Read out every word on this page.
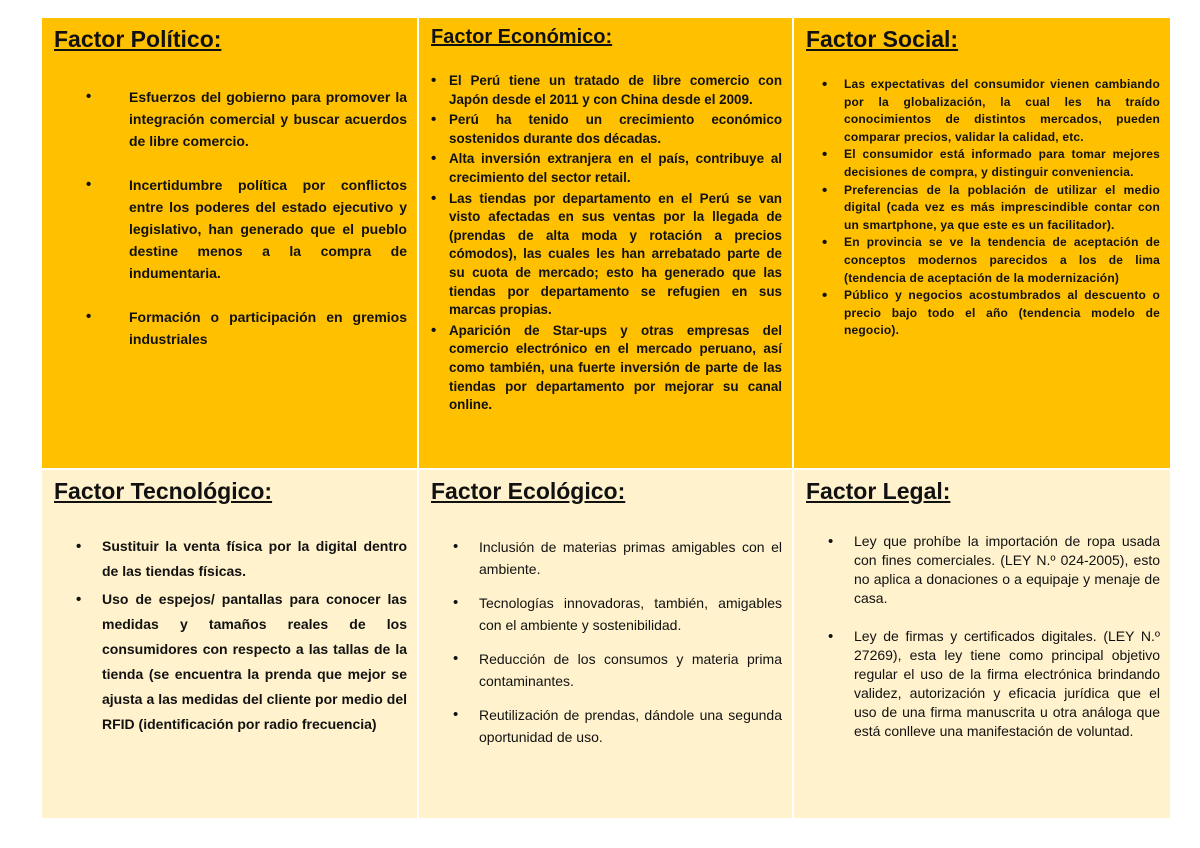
Factor Político:
• Esfuerzos del gobierno para promover la integración comercial y buscar acuerdos de libre comercio.
• Incertidumbre política por conflictos entre los poderes del estado ejecutivo y legislativo, han generado que el pueblo destine menos a la compra de indumentaria.
• Formación o participación en gremios industriales
Factor Económico:
• El Perú tiene un tratado de libre comercio con Japón desde el 2011 y con China desde el 2009.
• Perú ha tenido un crecimiento económico sostenidos durante dos décadas.
• Alta inversión extranjera en el país, contribuye al crecimiento del sector retail.
• Las tiendas por departamento en el Perú se van visto afectadas en sus ventas por la llegada de (prendas de alta moda y rotación a precios cómodos), las cuales les han arrebatado parte de su cuota de mercado; esto ha generado que las tiendas por departamento se refugien en sus marcas propias.
• Aparición de Star-ups y otras empresas del comercio electrónico en el mercado peruano, así como también, una fuerte inversión de parte de las tiendas por departamento por mejorar su canal online.
Factor Social:
• Las expectativas del consumidor vienen cambiando por la globalización, la cual les ha traído conocimientos de distintos mercados, pueden comparar precios, validar la calidad, etc.
• El consumidor está informado para tomar mejores decisiones de compra, y distinguir conveniencia.
• Preferencias de la población de utilizar el medio digital (cada vez es más imprescindible contar con un smartphone, ya que este es un facilitador).
• En provincia se ve la tendencia de aceptación de conceptos modernos parecidos a los de lima (tendencia de aceptación de la modernización)
• Público y negocios acostumbrados al descuento o precio bajo todo el año (tendencia modelo de negocio).
Factor Tecnológico:
• Sustituir la venta física por la digital dentro de las tiendas físicas.
• Uso de espejos/ pantallas para conocer las medidas y tamaños reales de los consumidores con respecto a las tallas de la tienda (se encuentra la prenda que mejor se ajusta a las medidas del cliente por medio del RFID (identificación por radio frecuencia)
Factor Ecológico:
• Inclusión de materias primas amigables con el ambiente.
• Tecnologías innovadoras, también, amigables con el ambiente y sostenibilidad.
• Reducción de los consumos y materia prima contaminantes.
• Reutilización de prendas, dándole una segunda oportunidad de uso.
Factor Legal:
• Ley que prohíbe la importación de ropa usada con fines comerciales. (LEY N.º 024-2005), esto no aplica a donaciones o a equipaje y menaje de casa.
• Ley de firmas y certificados digitales. (LEY N.º 27269), esta ley tiene como principal objetivo regular el uso de la firma electrónica brindando validez, autorización y eficacia jurídica que el uso de una firma manuscrita u otra análoga que está conlleve una manifestación de voluntad.
